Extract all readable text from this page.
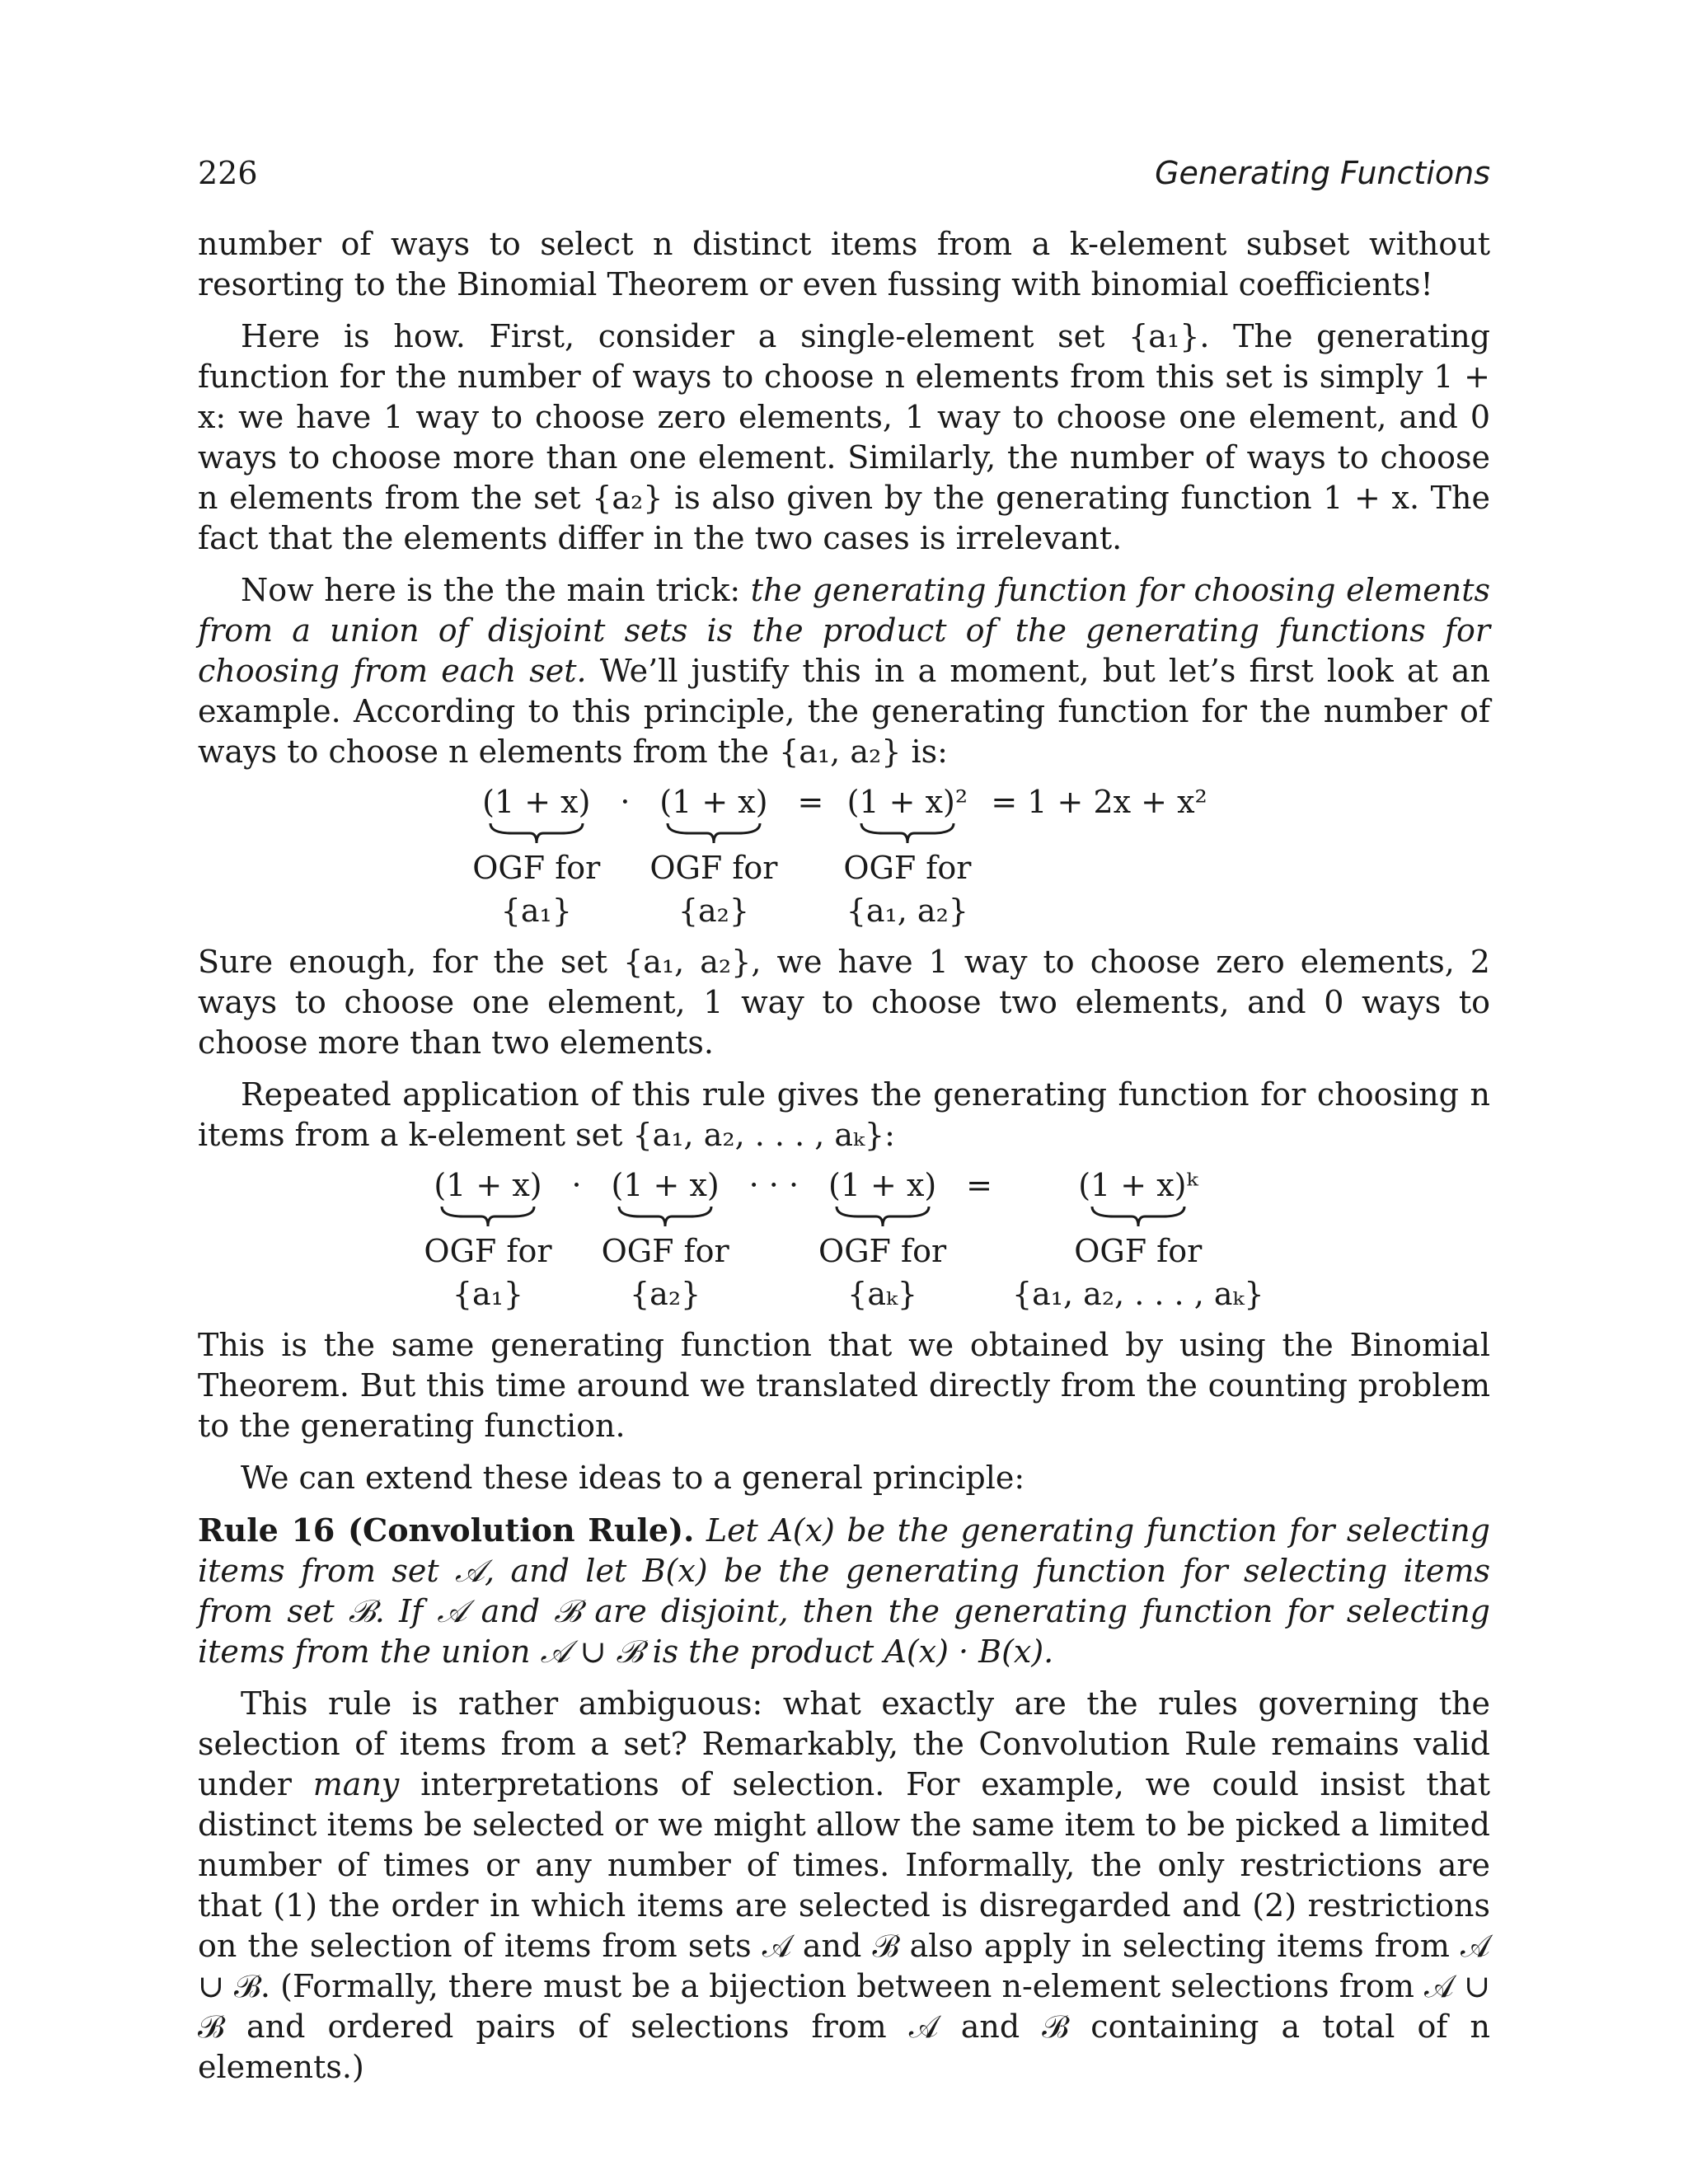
226	Generating Functions

number of ways to select n distinct items from a k-element subset without resorting to the Binomial Theorem or even fussing with binomial coefficients!

Here is how. First, consider a single-element set {a₁}. The generating function for the number of ways to choose n elements from this set is simply 1 + x: we have 1 way to choose zero elements, 1 way to choose one element, and 0 ways to choose more than one element. Similarly, the number of ways to choose n elements from the set {a₂} is also given by the generating function 1 + x. The fact that the elements differ in the two cases is irrelevant.

Now here is the the main trick: the generating function for choosing elements from a union of disjoint sets is the product of the generating functions for choosing from each set. We’ll justify this in a moment, but let’s first look at an example. According to this principle, the generating function for the number of ways to choose n elements from the {a₁, a₂} is:

(1 + x)
OGF for
{a₁}
· (1 + x)
OGF for
{a₂}
= (1 + x)²
OGF for
{a₁, a₂}
= 1 + 2x + x²

Sure enough, for the set {a₁, a₂}, we have 1 way to choose zero elements, 2 ways to choose one element, 1 way to choose two elements, and 0 ways to choose more than two elements.

Repeated application of this rule gives the generating function for choosing n items from a k-element set {a₁, a₂, . . . , aₖ}:

(1 + x)
OGF for
{a₁}
· (1 + x)
OGF for
{a₂}
· · · (1 + x)
OGF for
{aₖ}
=	(1 + x)ᵏ
OGF for
{a₁, a₂, . . . , aₖ}

This is the same generating function that we obtained by using the Binomial Theorem. But this time around we translated directly from the counting problem to the generating function.

We can extend these ideas to a general principle:

Rule 16 (Convolution Rule). Let A(x) be the generating function for selecting items from set 𝒜, and let B(x) be the generating function for selecting items from set ℬ. If 𝒜 and ℬ are disjoint, then the generating function for selecting items from the union 𝒜 ∪ ℬ is the product A(x) · B(x).

This rule is rather ambiguous: what exactly are the rules governing the selection of items from a set? Remarkably, the Convolution Rule remains valid under many interpretations of selection. For example, we could insist that distinct items be selected or we might allow the same item to be picked a limited number of times or any number of times. Informally, the only restrictions are that (1) the order in which items are selected is disregarded and (2) restrictions on the selection of items from sets 𝒜 and ℬ also apply in selecting items from 𝒜 ∪ ℬ. (Formally, there must be a bijection between n-element selections from 𝒜 ∪ ℬ and ordered pairs of selections from 𝒜 and ℬ containing a total of n elements.)
